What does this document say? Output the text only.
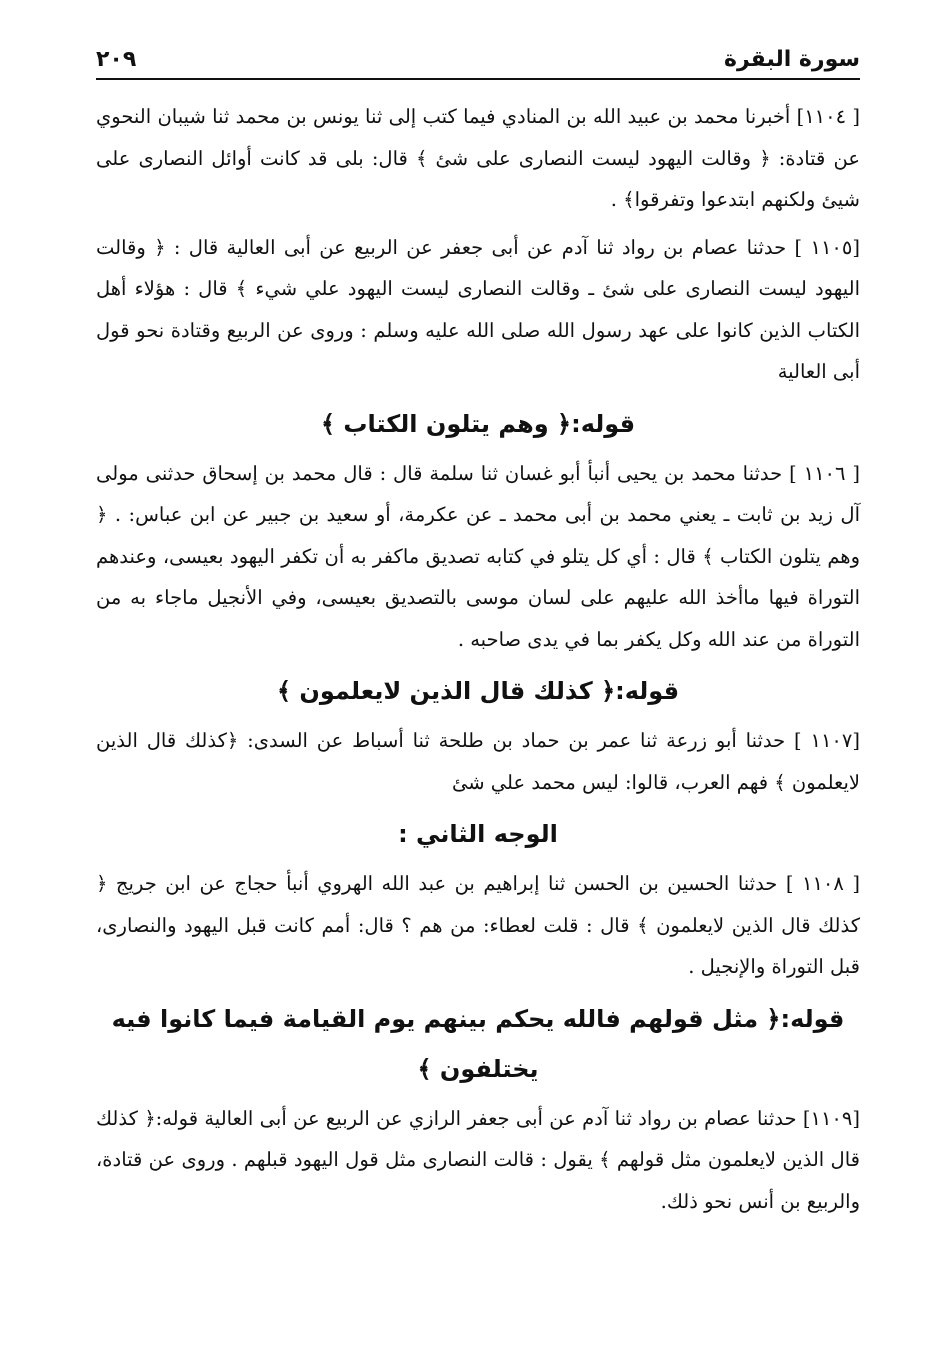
سورة البقرة
٢٠٩

[ ١١٠٤] أخبرنا محمد بن عبيد الله بن المنادي فيما كتب إلى ثنا يونس بن محمد ثنا شيبان النحوي عن قتادة: ﴿ وقالت اليهود ليست النصارى على شئ ﴾ قال: بلى قد كانت أوائل النصارى على شيئ ولكنهم ابتدعوا وتفرقوا﴾ .

[١١٠٥ ] حدثنا عصام بن رواد ثنا آدم عن أبى جعفر عن الربيع عن أبى العالية قال : ﴿ وقالت اليهود ليست النصارى على شئ ـ وقالت النصارى ليست اليهود علي شيء ﴾ قال : هؤلاء أهل الكتاب الذين كانوا على عهد رسول الله صلى الله عليه وسلم : وروى عن الربيع وقتادة نحو قول أبى العالية

قوله:﴿ وهم يتلون الكتاب ﴾

[ ١١٠٦ ] حدثنا محمد بن يحيى أنبأ أبو غسان ثنا سلمة قال : قال محمد بن إسحاق حدثنى مولى آل زيد بن ثابت ـ يعني محمد بن أبى محمد ـ عن عكرمة، أو سعيد بن جبير عن ابن عباس: . ﴿ وهم يتلون الكتاب ﴾ قال : أي كل يتلو في كتابه تصديق ماكفر به أن تكفر اليهود بعيسى، وعندهم التوراة فيها ماأخذ الله عليهم على لسان موسى بالتصديق بعيسى، وفي الأنجيل ماجاء به من التوراة من عند الله وكل يكفر بما في يدى صاحبه .

قوله:﴿ كذلك قال الذين لايعلمون ﴾

[١١٠٧ ] حدثنا أبو زرعة ثنا عمر بن حماد بن طلحة ثنا أسباط عن السدى: ﴿كذلك قال الذين لايعلمون ﴾ فهم العرب، قالوا: ليس محمد علي شئ

الوجه الثاني :

[ ١١٠٨ ] حدثنا الحسين بن الحسن ثنا إبراهيم بن عبد الله الهروي أنبأ حجاج عن ابن جريج ﴿ كذلك قال الذين لايعلمون ﴾ قال : قلت لعطاء: من هم ؟ قال: أمم كانت قبل اليهود والنصارى، قبل التوراة والإنجيل .

قوله:﴿ مثل قولهم فالله يحكم بينهم يوم القيامة فيما كانوا فيه يختلفون ﴾

[١١٠٩] حدثنا عصام بن رواد ثنا آدم عن أبى جعفر الرازي عن الربيع عن أبى العالية قوله:﴿ كذلك قال الذين لايعلمون مثل قولهم ﴾ يقول : قالت النصارى مثل قول اليهود قبلهم . وروى عن قتادة، والربيع بن أنس نحو ذلك.
